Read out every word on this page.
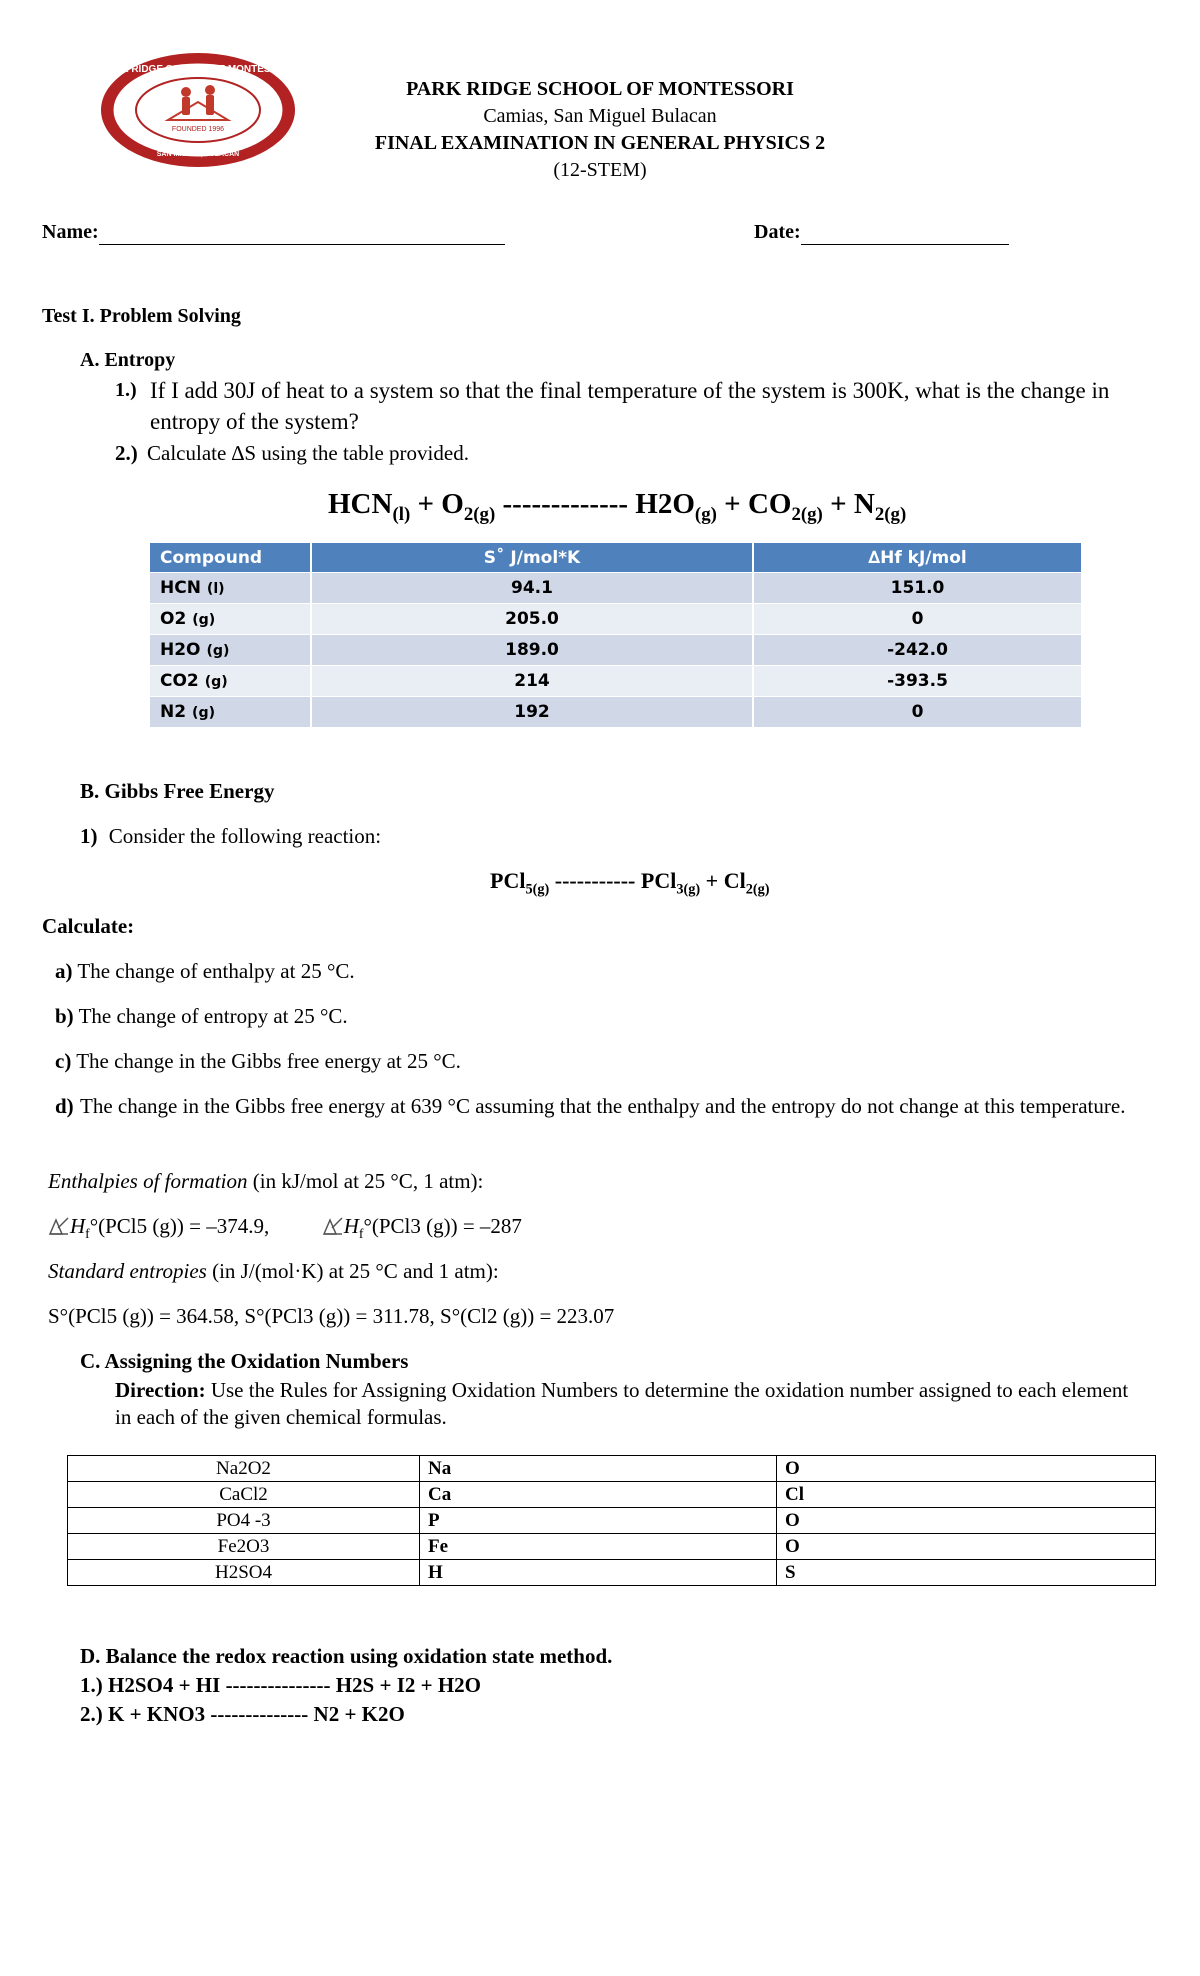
PARK RIDGE SCHOOL OF MONTESSORI
FOUNDED 1996
SAN MIGUEL, BULACAN
PARK RIDGE SCHOOL OF MONTESSORI
Camias, San Miguel Bulacan
FINAL EXAMINATION IN GENERAL PHYSICS 2
(12-STEM)
Name:	Date:
Test I. Problem Solving
A. Entropy
1.) If I add 30J of heat to a system so that the final temperature of the system is 300K, what is the change in entropy of the system?
2.) Calculate ∆S using the table provided.
$HCN_{(l)} + O_{2(g)}$ ------------- $H2O_{(g)} + CO_{2(g)} + N_{2(g)}$
Compound	S˚ J/mol*K	∆Hf kJ/mol
HCN (l)	94.1	151.0
O2 (g)	205.0	0
H2O (g)	189.0	-242.0
CO2 (g)	214	-393.5
N2 (g)	192	0
B. Gibbs Free Energy
1) Consider the following reaction:
PCl$_{5(g)}$ ----------- $PCl_{3(g)} + Cl_{2(g)}$
Calculate:
a) The change of enthalpy at 25 °C.
b) The change of entropy at 25 °C.
c) The change in the Gibbs free energy at 25 °C.
d) The change in the Gibbs free energy at 639 °C assuming that the enthalpy and the entropy do not change at this temperature.
Enthalpies of formation (in kJ/mol at 25 °C, 1 atm):
$H_f^\circ(PCl5$ (g)) = –374.9,	$H_f^\circ(PCl3$ (g)) = –287
Standard entropies (in J/(mol·K) at 25 °C and 1 atm):
S°(PCl5 (g)) = 364.58, S°(PCl3 (g)) = 311.78, S°(Cl2 (g)) = 223.07
C. Assigning the Oxidation Numbers
Direction: Use the Rules for Assigning Oxidation Numbers to determine the oxidation number assigned to each element in each of the given chemical formulas.
Na2O2	Na	O
CaCl2	Ca	Cl
PO4 -3	P	O
Fe2O3	Fe	O
H2SO4	H	S
D. Balance the redox reaction using oxidation state method.
1.) H2SO4 + HI --------------- H2S + I2 + H2O
2.) K + KNO3 -------------- N2 + K2O
